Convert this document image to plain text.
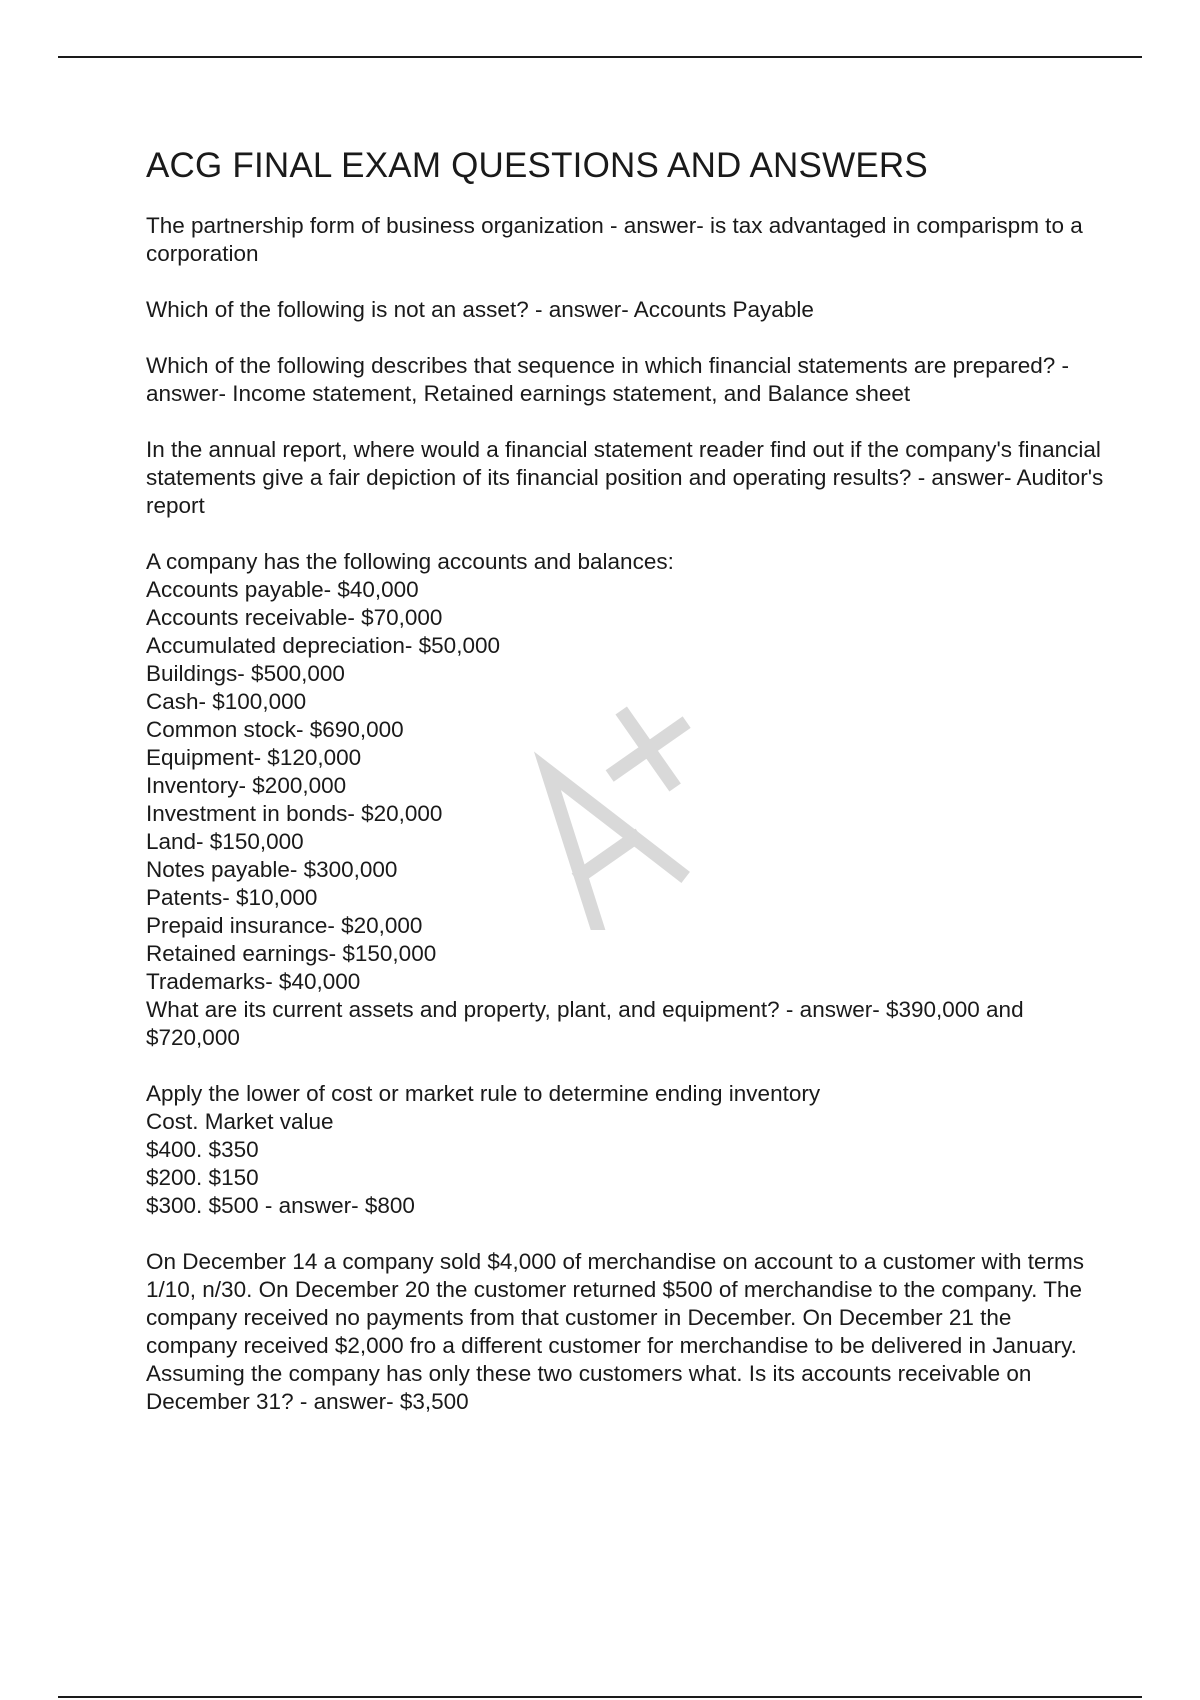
ACG FINAL EXAM QUESTIONS AND ANSWERS

The partnership form of business organization - answer- is tax advantaged in comparispm to a corporation

Which of the following is not an asset? - answer- Accounts Payable

Which of the following describes that sequence in which financial statements are prepared? - answer- Income statement, Retained earnings statement, and Balance sheet

In the annual report, where would a financial statement reader find out if the company's financial statements give a fair depiction of its financial position and operating results? - answer- Auditor's report

A company has the following accounts and balances:
Accounts payable- $40,000
Accounts receivable- $70,000
Accumulated depreciation- $50,000
Buildings- $500,000
Cash- $100,000
Common stock- $690,000
Equipment- $120,000
Inventory- $200,000
Investment in bonds- $20,000
Land- $150,000
Notes payable- $300,000
Patents- $10,000
Prepaid insurance- $20,000
Retained earnings- $150,000
Trademarks- $40,000
What are its current assets and property, plant, and equipment? - answer- $390,000 and $720,000
Apply the lower of cost or market rule to determine ending inventory
Cost. Market value
$400. $350
$200. $150
$300. $500 - answer- $800

On December 14 a company sold $4,000 of merchandise on account to a customer with terms 1/10, n/30. On December 20 the customer returned $500 of merchandise to the company. The company received no payments from that customer in December. On December 21 the company received $2,000 fro a different customer for merchandise to be delivered in January. Assuming the company has only these two customers what. Is its accounts receivable on December 31? - answer- $3,500
